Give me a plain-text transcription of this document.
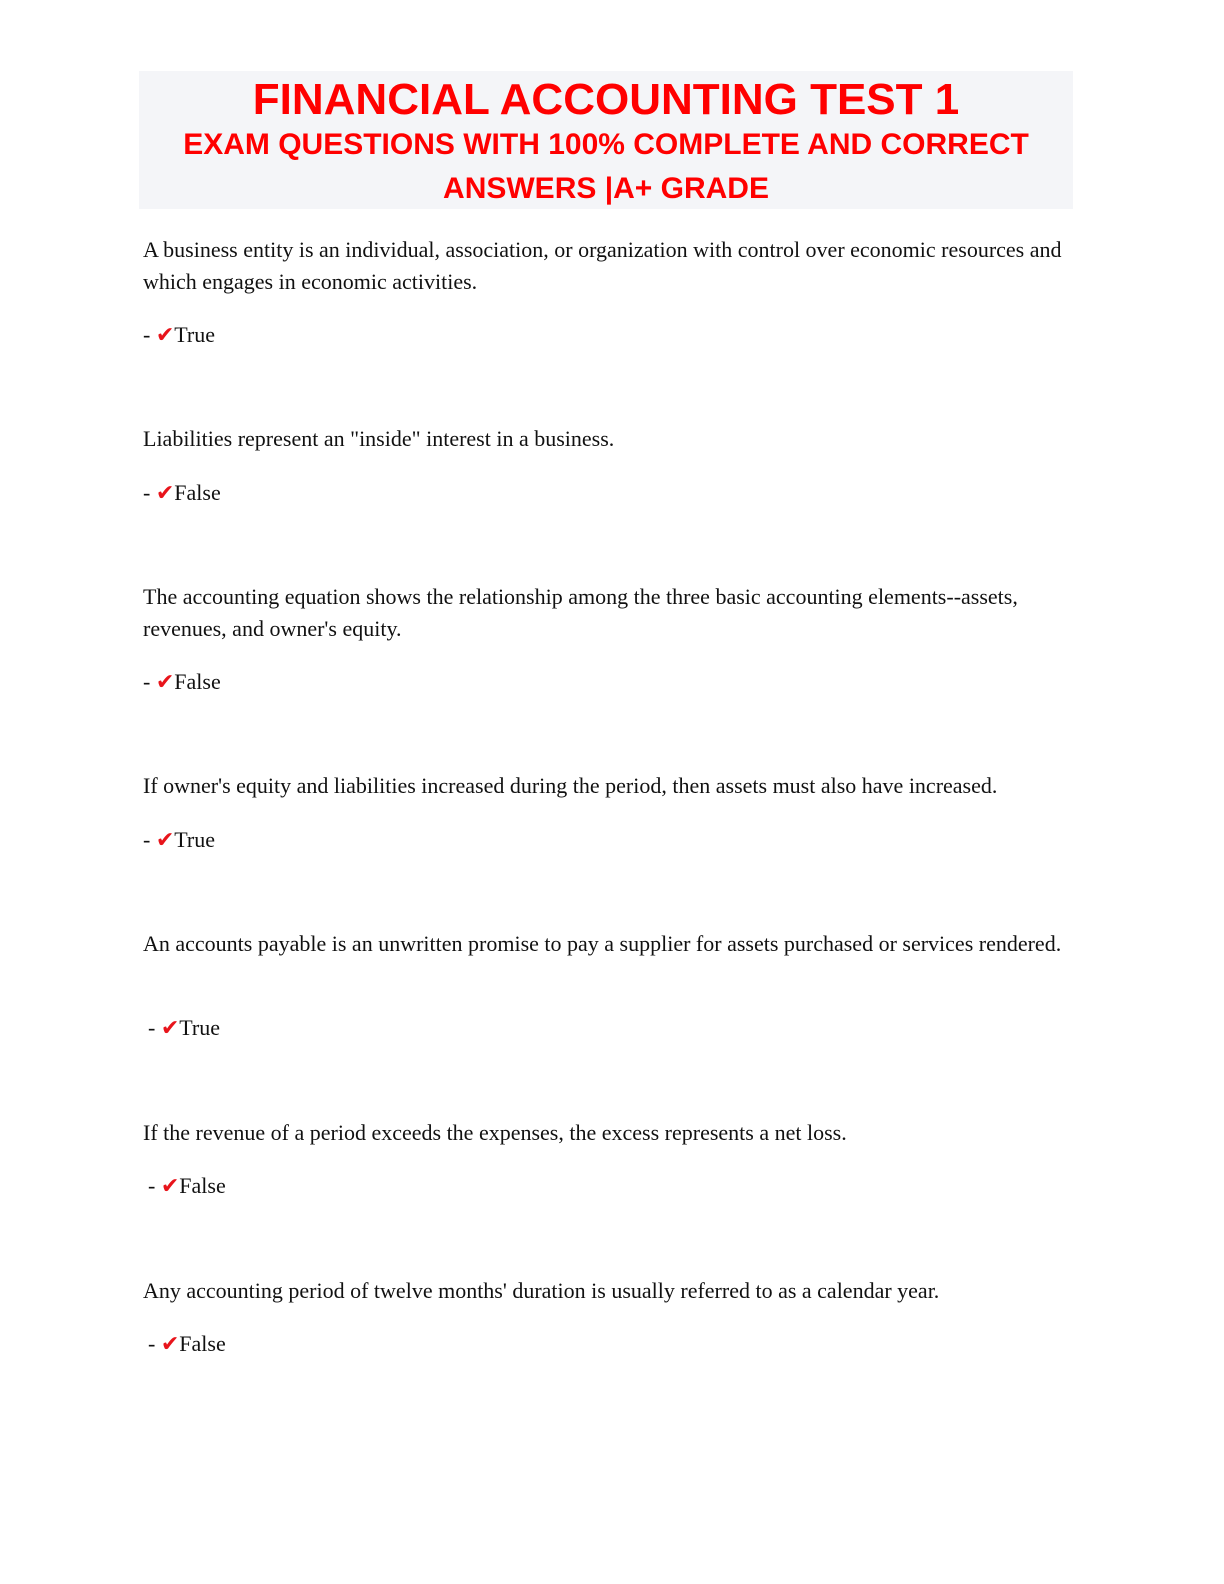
FINANCIAL ACCOUNTING TEST 1
EXAM QUESTIONS WITH 100% COMPLETE AND CORRECT
ANSWERS |A+ GRADE

A business entity is an individual, association, or organization with control over economic resources and which engages in economic activities.

- ✔True

Liabilities represent an "inside" interest in a business.

- ✔False

The accounting equation shows the relationship among the three basic accounting elements--assets, revenues, and owner's equity.

- ✔False

If owner's equity and liabilities increased during the period, then assets must also have increased.

- ✔True

An accounts payable is an unwritten promise to pay a supplier for assets purchased or services rendered.

- ✔True

If the revenue of a period exceeds the expenses, the excess represents a net loss.

- ✔False

Any accounting period of twelve months' duration is usually referred to as a calendar year.

- ✔False
